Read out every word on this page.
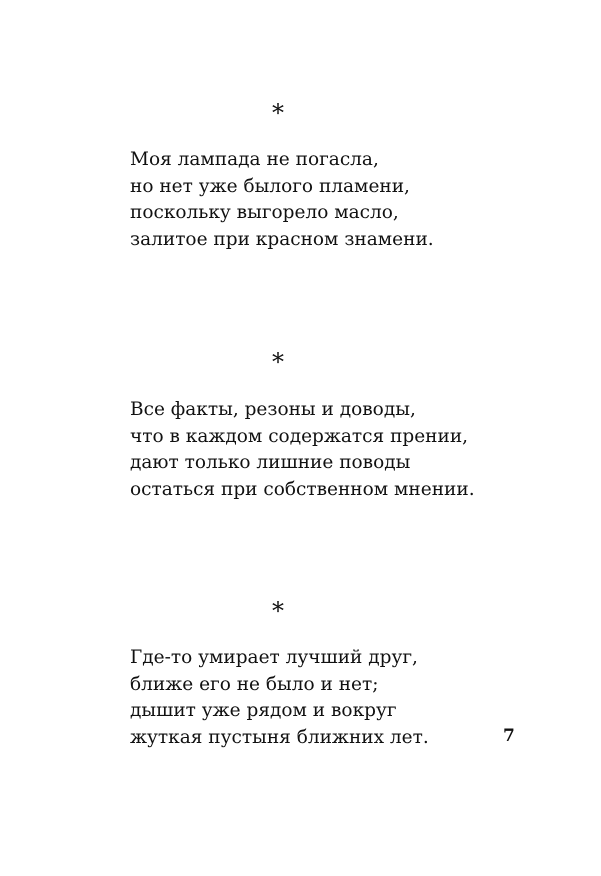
*
Моя лампада не погасла,
но нет уже былого пламени,
поскольку выгорело масло,
залитое при красном знамени.
*
Все факты, резоны и доводы,
что в каждом содержатся прении,
дают только лишние поводы
остаться при собственном мнении.
*
Где-то умирает лучший друг,
ближе его не было и нет;
дышит уже рядом и вокруг
жуткая пустыня ближних лет.	7
